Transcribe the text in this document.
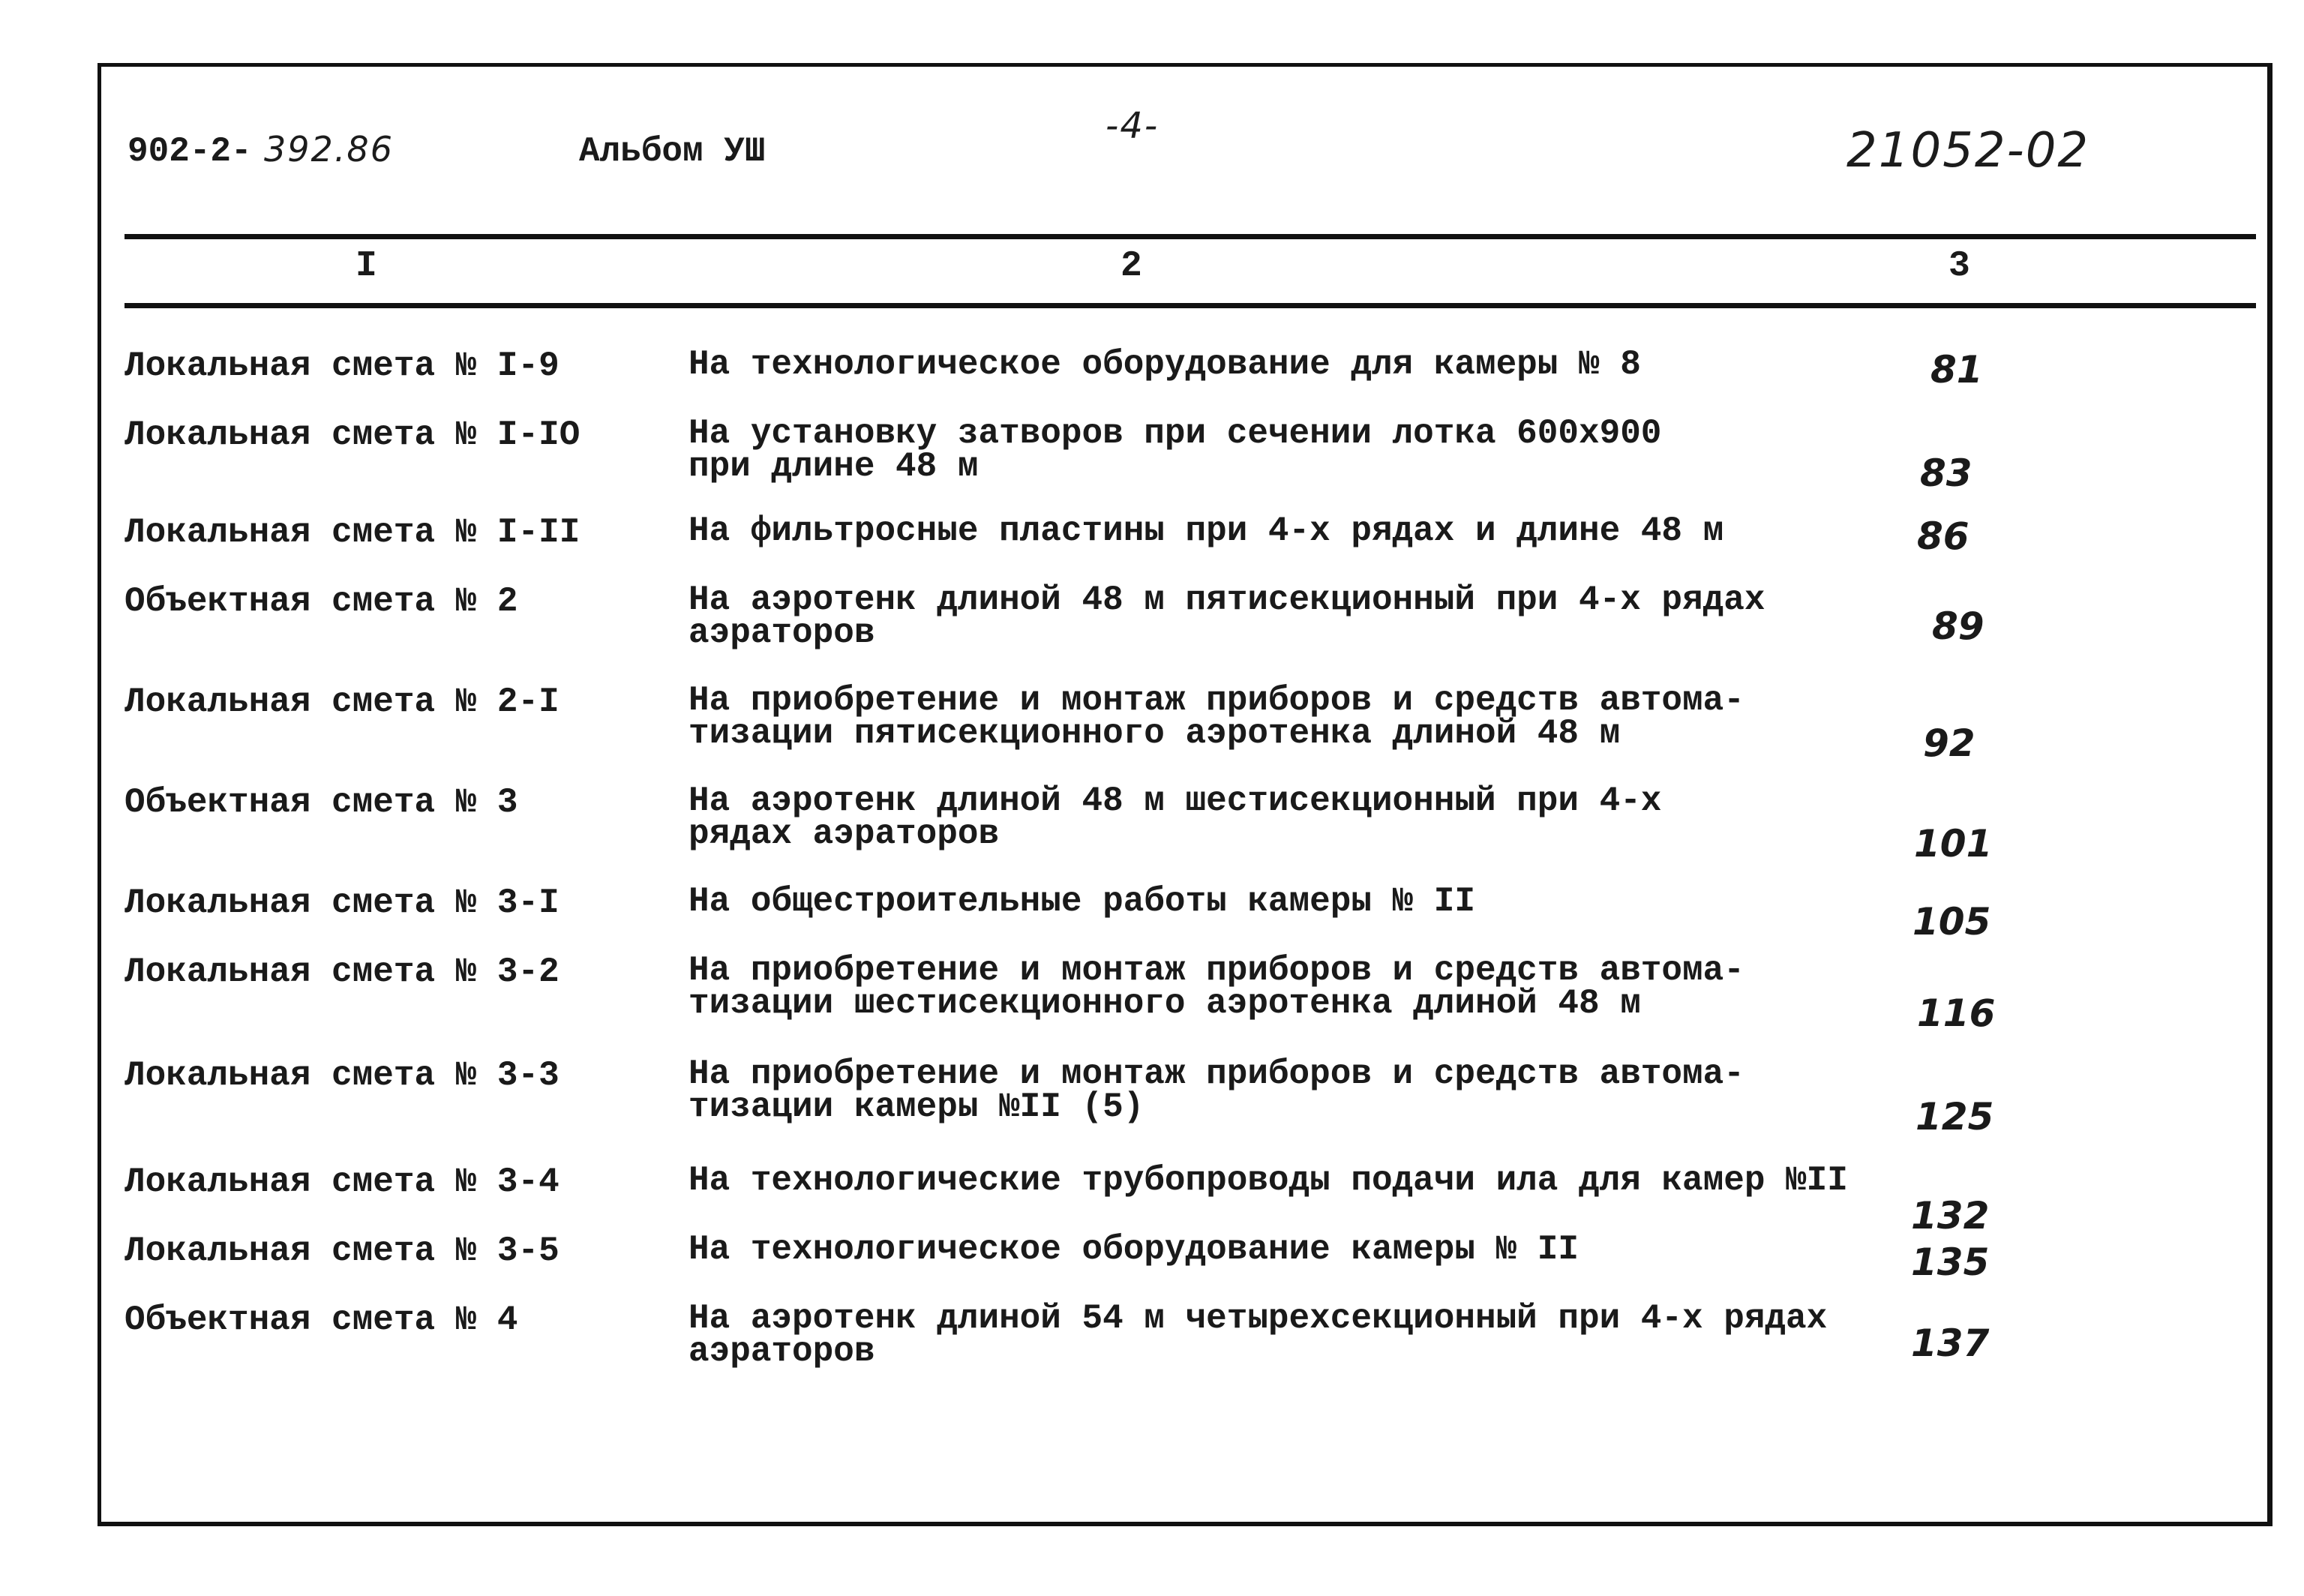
902-2- 392.86	Альбом УШ
-4-	21052-02
I	2	3
Локальная смета № I-9	На технологическое оборудование для камеры № 8	81
Локальная смета № I-IO	На установку затворов при сечении лотка 600x900
при длине 48 м	83
Локальная смета № I-II	На фильтросные пластины при 4-х рядах и длине 48 м	86
Объектная смета № 2	На аэротенк длиной 48 м пятисекционный при 4-х рядах
аэраторов	89
Локальная смета № 2-I	На приобретение и монтаж приборов и средств автома-
тизации пятисекционного аэротенка длиной 48 м	92
Объектная смета № 3	На аэротенк длиной 48 м шестисекционный при 4-х
рядах аэраторов	101
Локальная смета № 3-I	На общестроительные работы камеры № II	105
Локальная смета № 3-2	На приобретение и монтаж приборов и средств автома-
тизации шестисекционного аэротенка длиной 48 м	116
Локальная смета № 3-3	На приобретение и монтаж приборов и средств автома-
тизации камеры №II (5)	125
Локальная смета № 3-4	На технологические трубопроводы подачи ила для камер №II
132
Локальная смета № 3-5	На технологическое оборудование камеры № II	135
Объектная смета № 4	На аэротенк длиной 54 м четырехсекционный при 4-х рядах
аэраторов	137
